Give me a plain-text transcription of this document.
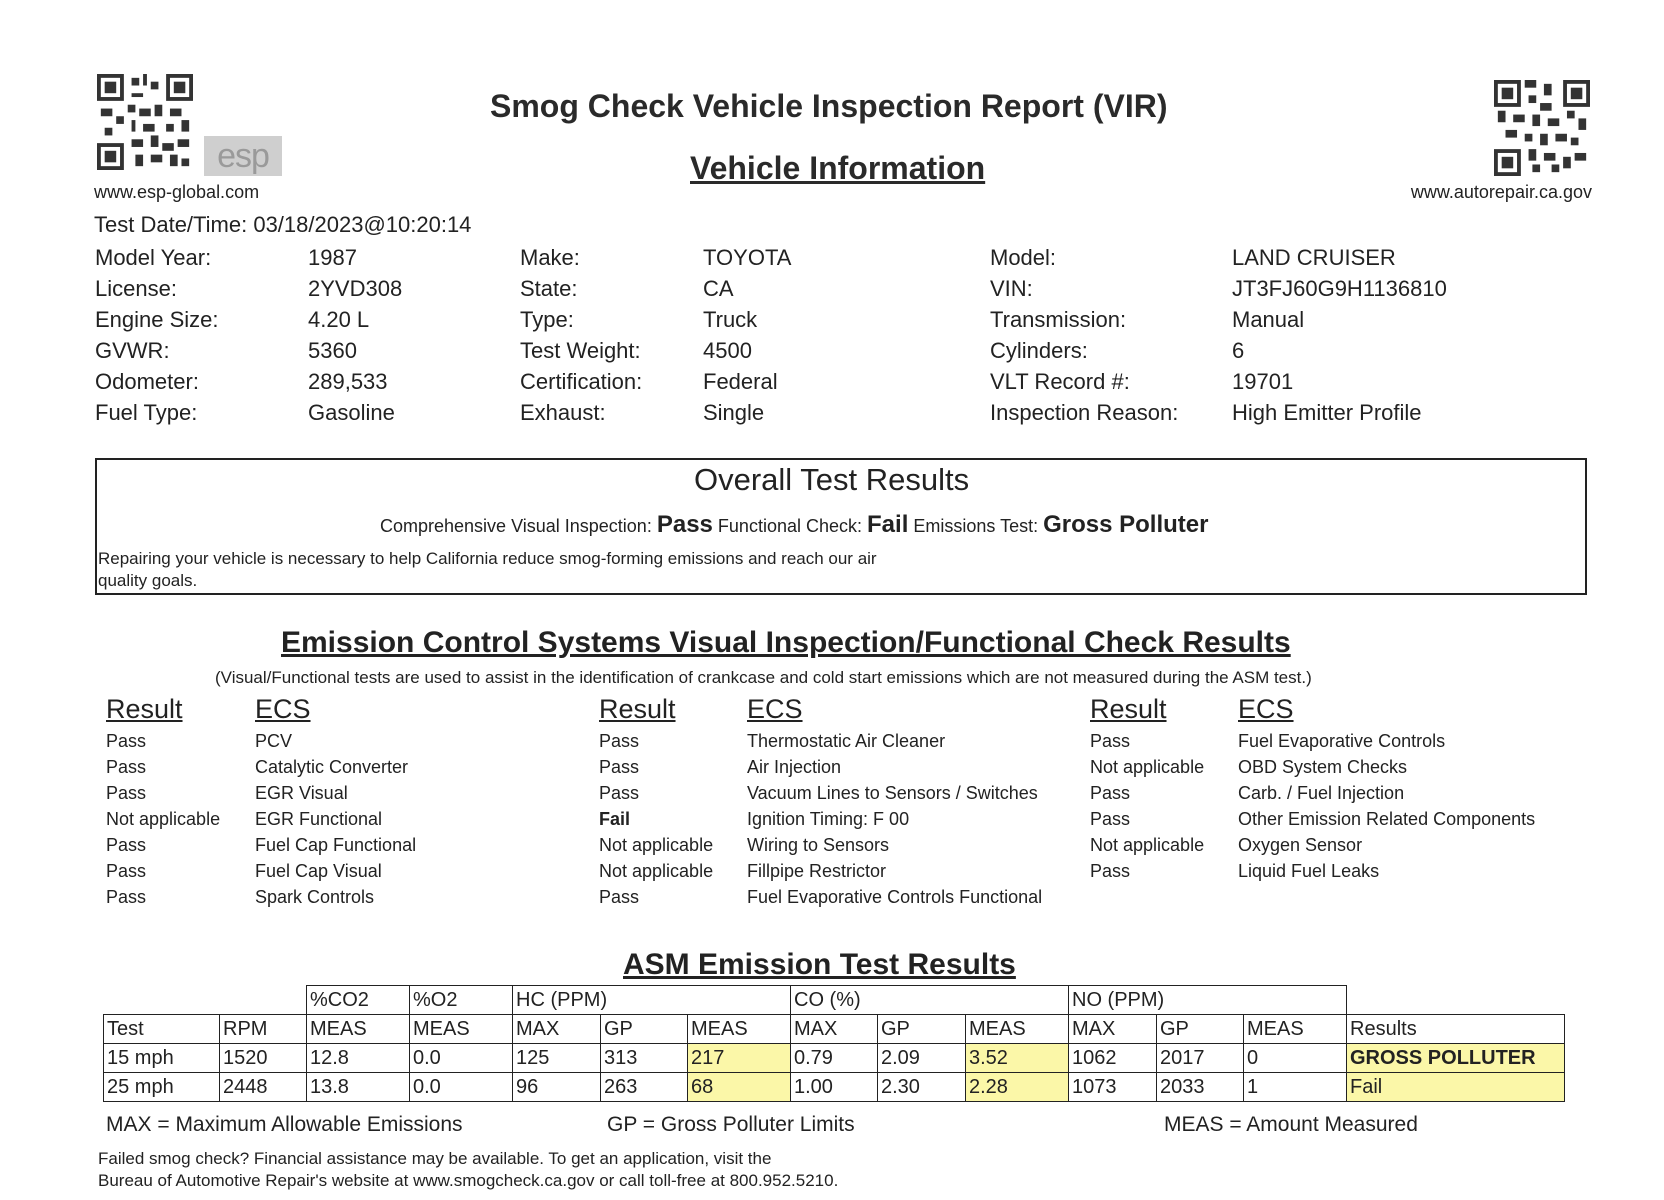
esp
www.esp-global.com	www.autorepair.ca.gov
Smog Check Vehicle Inspection Report (VIR)
Vehicle Information
Test Date/Time: 03/18/2023@10:20:14
Model Year:	1987
License:	2YVD308
Engine Size:	4.20 L
GVWR:	5360
Odometer:	289,533
Fuel Type:	Gasoline
Make:	TOYOTA
State:	CA
Type:	Truck
Test Weight:	4500
Certification:	Federal
Exhaust:	Single
Model:	LAND CRUISER
VIN:	JT3FJ60G9H1136810
Transmission:	Manual
Cylinders:	6
VLT Record #:	19701
Inspection Reason: High Emitter Profile
Overall Test Results
Comprehensive Visual Inspection: Pass Functional Check: Fail Emissions Test: Gross Polluter
Repairing your vehicle is necessary to help California reduce smog-forming emissions and reach our air
quality goals.
Emission Control Systems Visual Inspection/Functional Check Results
(Visual/Functional tests are used to assist in the identification of crankcase and cold start emissions which are not measured during the ASM test.)
Result	ECS
Pass	PCV
Pass	Catalytic Converter
Pass	EGR Visual
Not applicable EGR Functional
Pass	Fuel Cap Functional
Pass	Fuel Cap Visual
Pass	Spark Controls
Result	ECS
Pass	Thermostatic Air Cleaner
Pass	Air Injection
Pass	Vacuum Lines to Sensors / Switches
Fail	Ignition Timing: F 00
Not applicable Wiring to Sensors
Not applicable Fillpipe Restrictor
Pass	Fuel Evaporative Controls Functional
Result	ECS
Pass	Fuel Evaporative Controls
Not applicable OBD System Checks
Pass	Carb. / Fuel Injection
Pass	Other Emission Related Components
Not applicable Oxygen Sensor
Pass	Liquid Fuel Leaks
ASM Emission Test Results
		%CO2	%O2	HC (PPM)			CO (%)			NO (PPM)			
Test	RPM	MEAS	MEAS	MAX	GP	MEAS	MAX	GP	MEAS	MAX	GP	MEAS	Results
15 mph	1520	12.8	0.0	125	313	217	0.79	2.09	3.52	1062	2017	0	GROSS POLLUTER
25 mph	2448	13.8	0.0	96	263	68	1.00	2.30	2.28	1073	2033	1	Fail
MAX = Maximum Allowable Emissions	GP = Gross Polluter Limits	MEAS = Amount Measured
Failed smog check? Financial assistance may be available. To get an application, visit the
Bureau of Automotive Repair's website at www.smogcheck.ca.gov or call toll-free at 800.952.5210.
